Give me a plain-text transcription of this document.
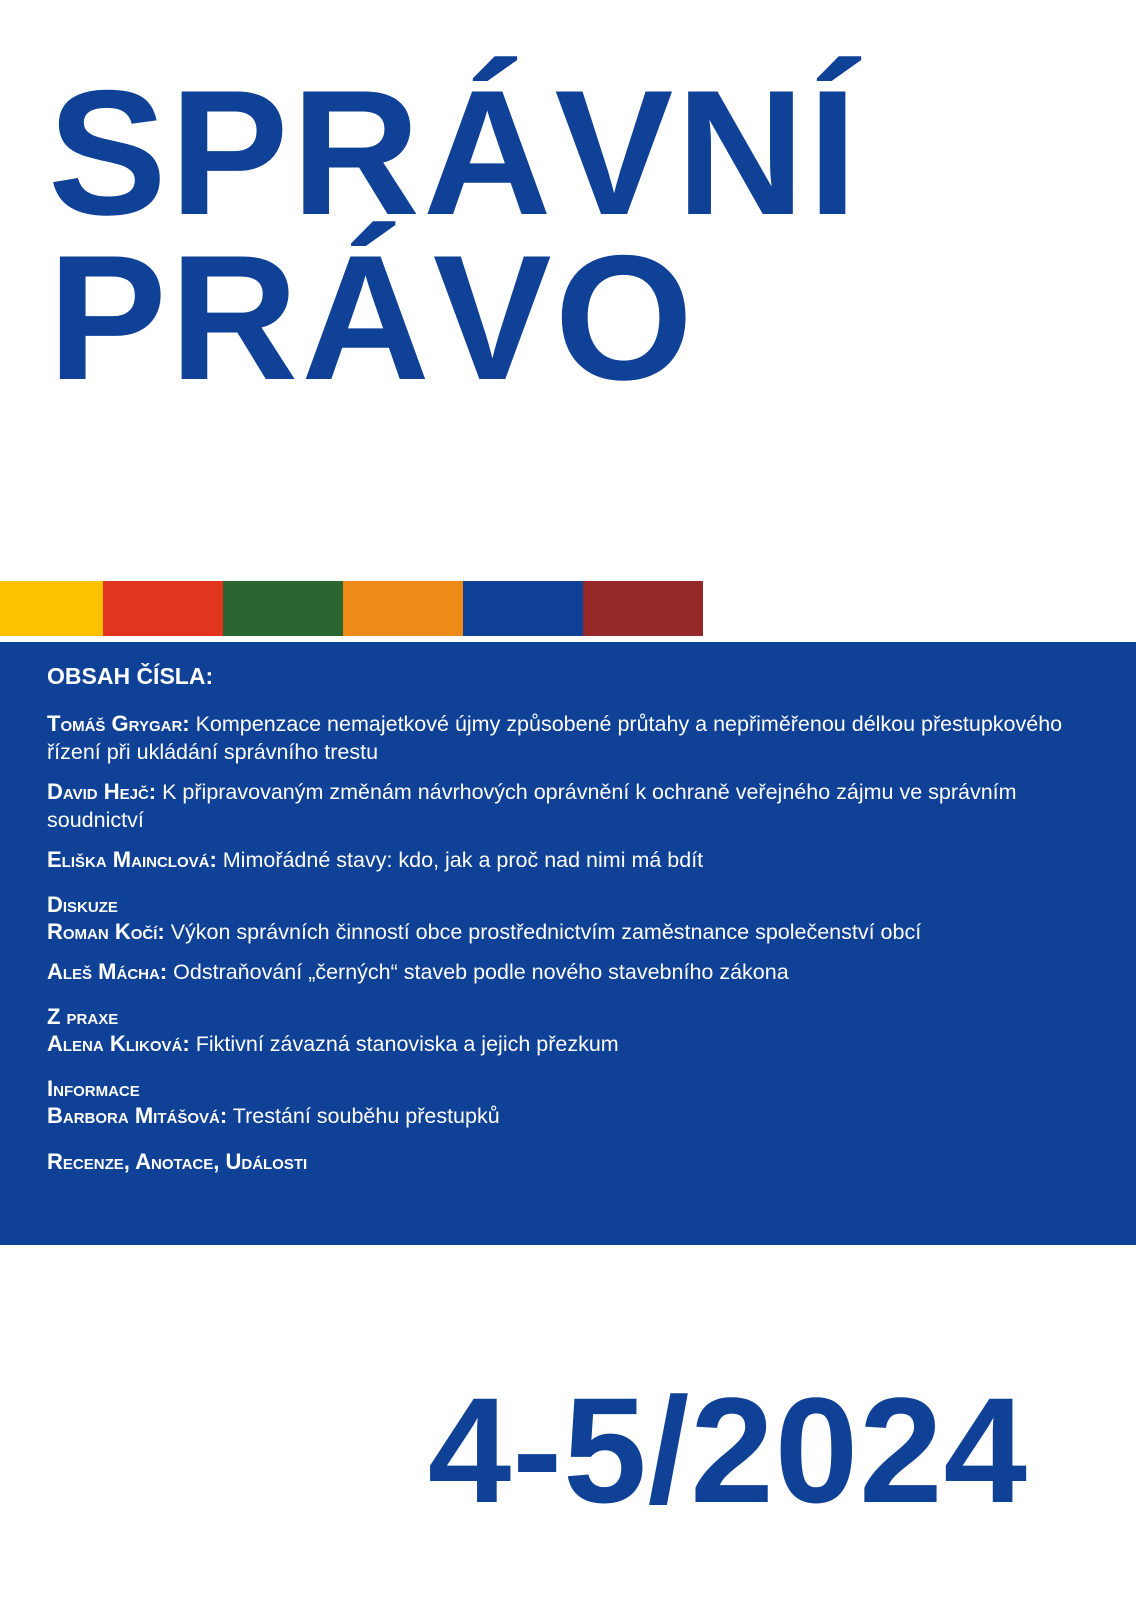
SPRÁVNÍ
PRÁVO
OBSAH ČÍSLA:
Tomáš Grygar: Kompenzace nemajetkové újmy způsobené průtahy a nepřiměřenou délkou přestupkového řízení při ukládání správního trestu
David Hejč: K připravovaným změnám návrhových oprávnění k ochraně veřejného zájmu ve správním soudnictví
Eliška Mainclová: Mimořádné stavy: kdo, jak a proč nad nimi má bdít
Diskuze
Roman Kočí: Výkon správních činností obce prostřednictvím zaměstnance společenství obcí
Aleš Mácha: Odstraňování „černých“ staveb podle nového stavebního zákona
Z praxe
Alena Kliková: Fiktivní závazná stanoviska a jejich přezkum
Informace
Barbora Mitášová: Trestání souběhu přestupků
Recenze, Anotace, Události
4-5/2024
